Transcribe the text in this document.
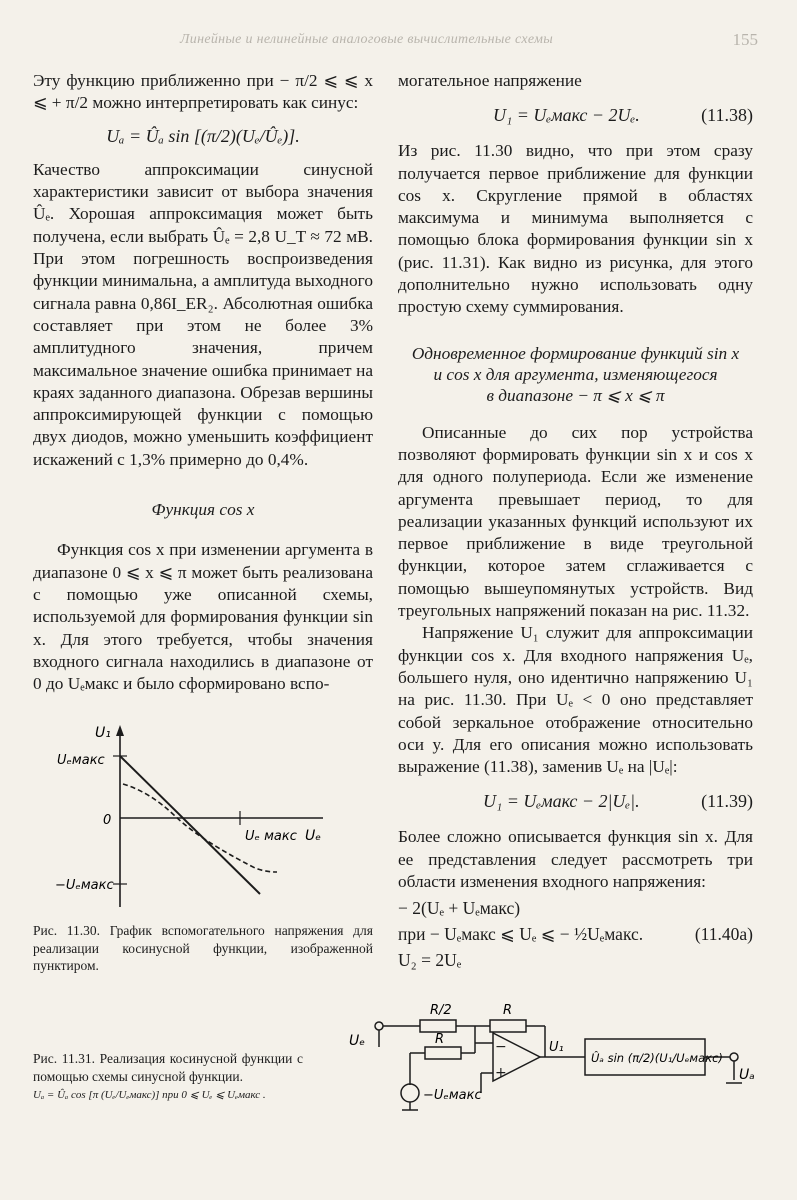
Линейные и нелинейные аналоговые вычислительные схемы	155

Эту функцию приближенно при − π/2 ⩽ ⩽ x ⩽ + π/2 можно интерпретировать как синус:

Uₐ = Ûₐ sin [(π/2)(Uₑ/Ûₑ)].

Качество аппроксимации синусной характеристики зависит от выбора значения Ûₑ. Хорошая аппроксимация может быть получена, если выбрать Ûₑ = 2,8 U_T ≈ 72 мВ. При этом погрешность воспроизведения функции минимальна, а амплитуда выходного сигнала равна 0,86I_ER₂. Абсолютная ошибка составляет при этом не более 3% амплитудного значения, причем максимальное значение ошибка принимает на краях заданного диапазона. Обрезав вершины аппроксимирующей функции с помощью двух диодов, можно уменьшить коэффициент искажений с 1,3% примерно до 0,4%.

Функция cos x

Функция cos x при изменении аргумента в диапазоне 0 ⩽ x ⩽ π может быть реализована с помощью уже описанной схемы, используемой для формирования функции sin x. Для этого требуется, чтобы значения входного сигнала находились в диапазоне от 0 до Uₑмакс и было сформировано вспо-

могательное напряжение

U₁ = Uₑмакс − 2Uₑ.	(11.38)

Из рис. 11.30 видно, что при этом сразу получается первое приближение для функции cos x. Скругление прямой в областях максимума и минимума выполняется с помощью блока формирования функции sin x (рис. 11.31). Как видно из рисунка, для этого дополнительно нужно использовать одну простую схему суммирования.

Одновременное формирование функций sin x
и cos x для аргумента, изменяющегося
в диапазоне − π ⩽ x ⩽ π

Описанные до сих пор устройства позволяют формировать функции sin x и cos x для одного полупериода. Если же изменение аргумента превышает период, то для реализации указанных функций используют их первое приближение в виде треугольной функции, которое затем сглаживается с помощью вышеупомянутых устройств. Вид треугольных напряжений показан на рис. 11.32.

Напряжение U₁ служит для аппроксимации функции cos x. Для входного напряжения Uₑ, большего нуля, оно идентично напряжению U₁ на рис. 11.30. При Uₑ < 0 оно представляет собой зеркальное отображение относительно оси y. Для его описания можно использовать выражение (11.38), заменив Uₑ на |Uₑ|:

U₁ = Uₑмакс − 2|Uₑ|.	(11.39)

Более сложно описывается функция sin x. Для ее представления следует рассмотреть три области изменения входного напряжения:

− 2(Uₑ + Uₑмакс)
при − Uₑмакс ⩽ Uₑ ⩽ − ½Uₑмакс.	(11.40a)
U₂ = 2Uₑ
U₁
Uₑмакс
0
−Uₑмакс
Uₑ макс Uₑ
Рис. 11.30. График вспомогательного напряжения для реализации косинусной функции, изображенной пунктиром.
−
+
R/2	R
R
Uₑ
−Uₑмакс
U₁
Ûₐ sin (π/2)(U₁/Uₑмакс)
Uₐ
Рис. 11.31. Реализация косинусной функции с помощью схемы синусной функции.
Uₐ = Ûₐ cos [π (Uₑ/Uₑмакс)] при 0 ⩽ Uₑ ⩽ Uₑмакс .
